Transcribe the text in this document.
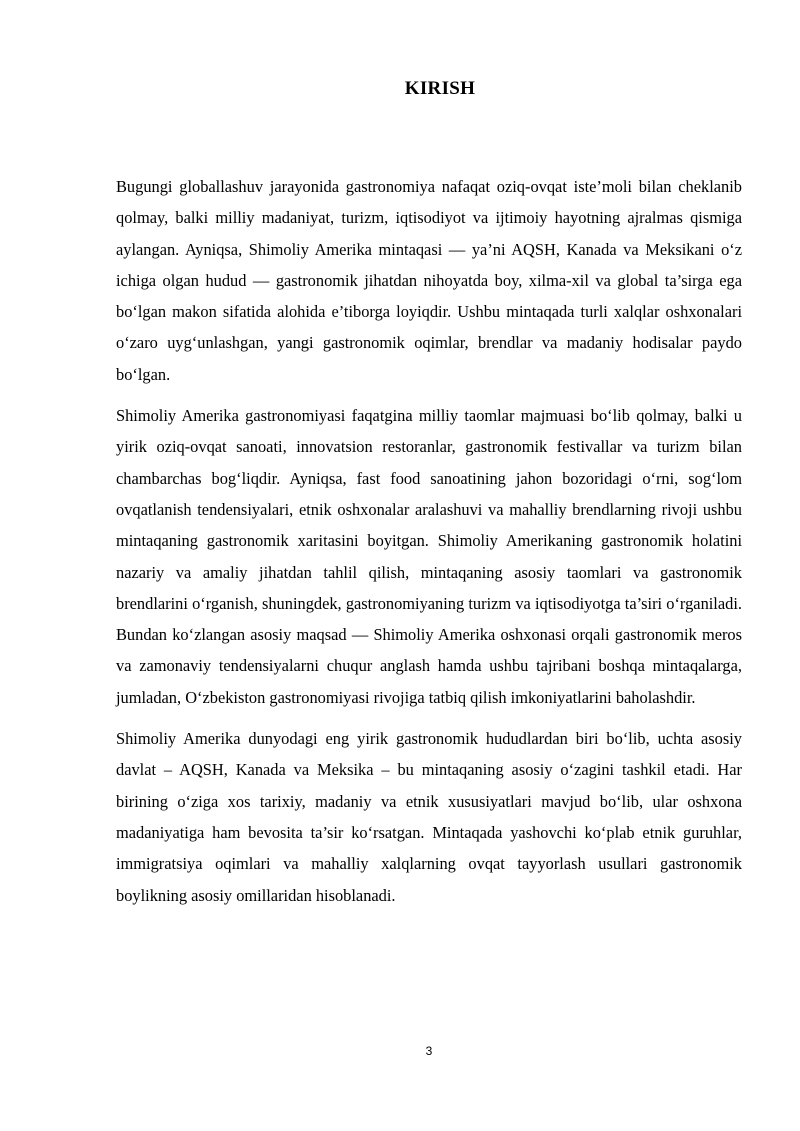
KIRISH

Bugungi globallashuv jarayonida gastronomiya nafaqat oziq-ovqat iste’moli bilan cheklanib qolmay, balki milliy madaniyat, turizm, iqtisodiyot va ijtimoiy hayotning ajralmas qismiga aylangan. Ayniqsa, Shimoliy Amerika mintaqasi — ya’ni AQSH, Kanada va Meksikani o‘z ichiga olgan hudud — gastronomik jihatdan nihoyatda boy, xilma-xil va global ta’sirga ega bo‘lgan makon sifatida alohida e’tiborga loyiqdir. Ushbu mintaqada turli xalqlar oshxonalari o‘zaro uyg‘unlashgan, yangi gastronomik oqimlar, brendlar va madaniy hodisalar paydo bo‘lgan.

Shimoliy Amerika gastronomiyasi faqatgina milliy taomlar majmuasi bo‘lib qolmay, balki u yirik oziq-ovqat sanoati, innovatsion restoranlar, gastronomik festivallar va turizm bilan chambarchas bog‘liqdir. Ayniqsa, fast food sanoatining jahon bozoridagi o‘rni, sog‘lom ovqatlanish tendensiyalari, etnik oshxonalar aralashuvi va mahalliy brendlarning rivoji ushbu mintaqaning gastronomik xaritasini boyitgan. Shimoliy Amerikaning gastronomik holatini nazariy va amaliy jihatdan tahlil qilish, mintaqaning asosiy taomlari va gastronomik brendlarini o‘rganish, shuningdek, gastronomiyaning turizm va iqtisodiyotga ta’siri o‘rganiladi. Bundan ko‘zlangan asosiy maqsad — Shimoliy Amerika oshxonasi orqali gastronomik meros va zamonaviy tendensiyalarni chuqur anglash hamda ushbu tajribani boshqa mintaqalarga, jumladan, O‘zbekiston gastronomiyasi rivojiga tatbiq qilish imkoniyatlarini baholashdir.

Shimoliy Amerika dunyodagi eng yirik gastronomik hududlardan biri bo‘lib, uchta asosiy davlat – AQSH, Kanada va Meksika – bu mintaqaning asosiy o‘zagini tashkil etadi. Har birining o‘ziga xos tarixiy, madaniy va etnik xususiyatlari mavjud bo‘lib, ular oshxona madaniyatiga ham bevosita ta’sir ko‘rsatgan. Mintaqada yashovchi ko‘plab etnik guruhlar, immigratsiya oqimlari va mahalliy xalqlarning ovqat tayyorlash usullari gastronomik boylikning asosiy omillaridan hisoblanadi.

3
